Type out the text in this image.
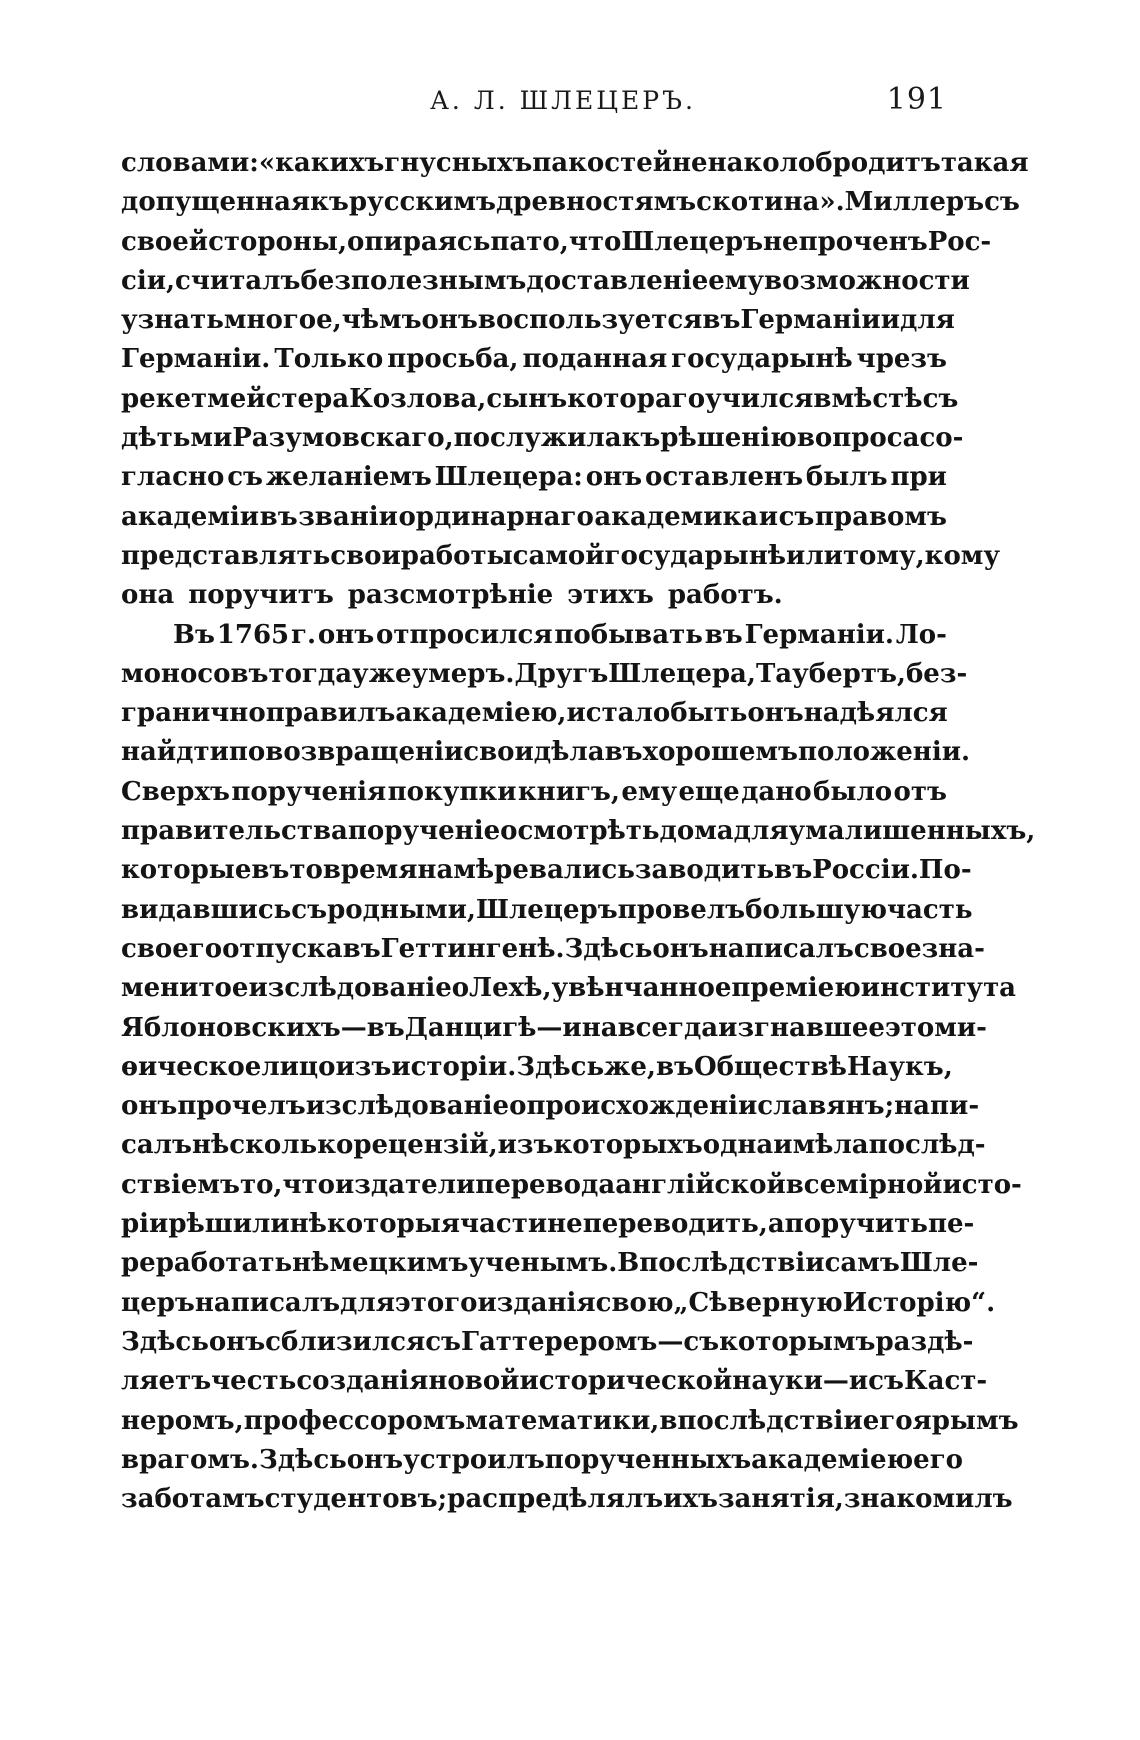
А. Л. ШЛЕЦЕРЪ.	191
словами: «какихъ гнусныхъ пакостей не наколобродитъ такая
допущенная къ русскимъ древностямъ скотина». Миллеръ съ
своей стороны, опираясь па то, что Шлецеръ непроченъ Рос-
сіи, считалъ безполезнымъ доставленіе ему возможности
узнать многое, чѣмъ онъ воспользуется въ Германіи и для
Германіи. Только просьба, поданная государынѣ чрезъ
рекетмейстера Козлова, сынъ котораго учился вмѣстѣ съ
дѣтьми Разумовскаго, послужила къ рѣшенію вопроса со-
гласно съ желаніемъ Шлецера: онъ оставленъ былъ при
академіи въ званіи ординарнаго академика и съ правомъ
представлять свои работы самой государынѣ или тому, кому
она поручитъ разсмотрѣніе этихъ работъ.
Въ 1765 г. онъ отпросился побывать въ Германіи. Ло-
моносовъ тогда уже умеръ. Другъ Шлецера, Таубертъ, без-
гранично правилъ академіею, и стало быть онъ надѣялся
найдти по возвращеніи свои дѣла въ хорошемъ положеніи.
Сверхъ порученія покупки книгъ, ему еще дано было отъ
правительства порученіе осмотрѣть дома для умалишенныхъ,
которые въ то время намѣревались заводить въ Россіи. По-
видавшись съ родными, Шлецеръ провелъ большую часть
своего отпуска въ Геттингенѣ. Здѣсь онъ написалъ свое зна-
менитое изслѣдованіе о Лехѣ, увѣнчанное преміею института
Яблоновскихъ—въ Данцигѣ—и навсегда изгнавшее это ми-
ѳическое лицо изъ исторіи. Здѣсь же, въ Обществѣ Наукъ,
онъ прочелъ изслѣдованіе о происхожденіи славянъ; напи-
салъ нѣсколько рецензій, изъ которыхъ одна имѣла послѣд-
ствіемъ то, что издатели перевода англійской всемірной исто-
ріи рѣшили нѣкоторыя части не переводить, а поручить пе-
реработать нѣмецкимъ ученымъ. Впослѣдствіи самъ Шле-
церъ написалъ для этого изданія свою „Сѣверную Исторію“.
Здѣсь онъ сблизился съ Гаттереромъ—съ которымъ раздѣ-
ляетъ честь созданія новой исторической науки—и съ Каст-
неромъ, профессоромъ математики, впослѣдствіи его ярымъ
врагомъ. Здѣсь онъ устроилъ порученныхъ академіею его
заботамъ студентовъ; распредѣлялъ ихъ занятія, знакомилъ
